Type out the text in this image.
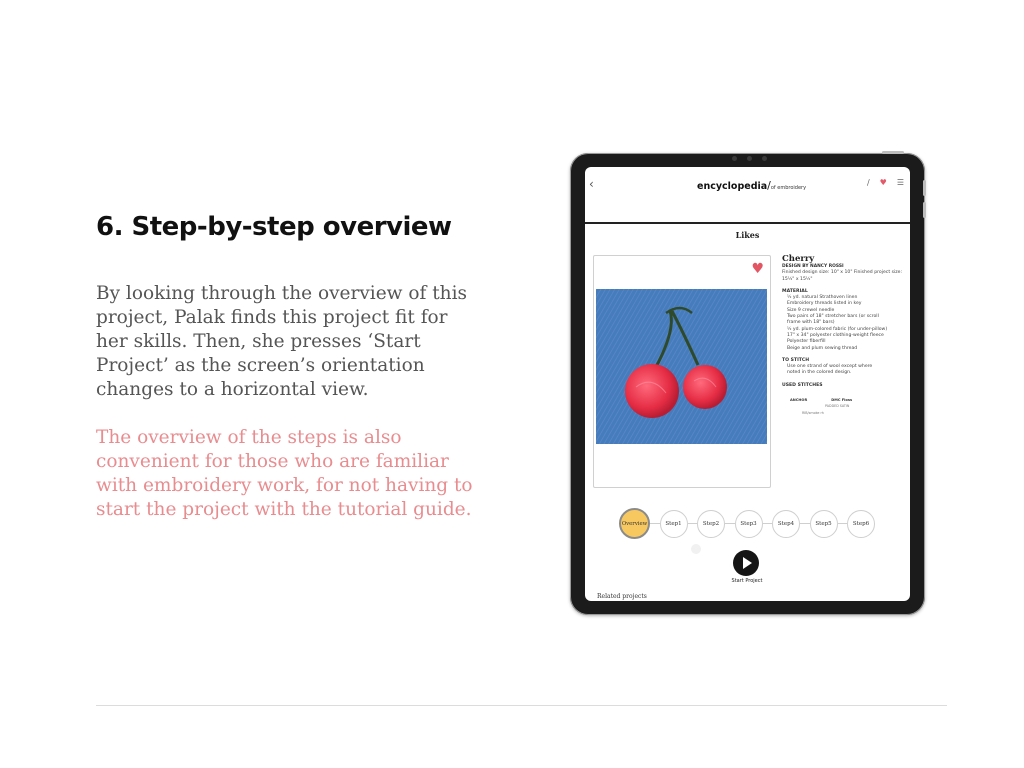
6. Step-by-step overview

By looking through the overview of this project, Palak finds this project fit for her skills. Then, she presses ‘Start Project’ as the screen’s orientation changes to a horizontal view.

The overview of the steps is also convenient for those who are familiar with embroidery work, for not having to start the project with the tutorial guide.

‹	encyclopedia/of embroidery
∕ ♥ ☰
Likes
♥
Cherry
DESIGN BY NANCY ROSSI
Finished design size: 10" x 10" Finished project size: 15½" x 15½"
MATERIAL
½ yd. natural Strathoven linen
Embroidery threads listed in key
Size 9 crewel needle
Two pairs of 18" stretcher bars (or scroll
frame with 18" bars)
½ yd. plum-colored fabric (for under-pillow)
17" x 34" polyester clothing-weight fleece
Polyester fiberfill
Beige and plum sewing thread
TO STITCH
Use one strand of wool except where
noted in the colored design.
USED STITCHES
ANCHOR	DMC Floss
PADDED SATIN
RIB/smoke rh
Overview	Step1	Step2	Step3	Step4	Step5	Step6
Start Project
Related projects
